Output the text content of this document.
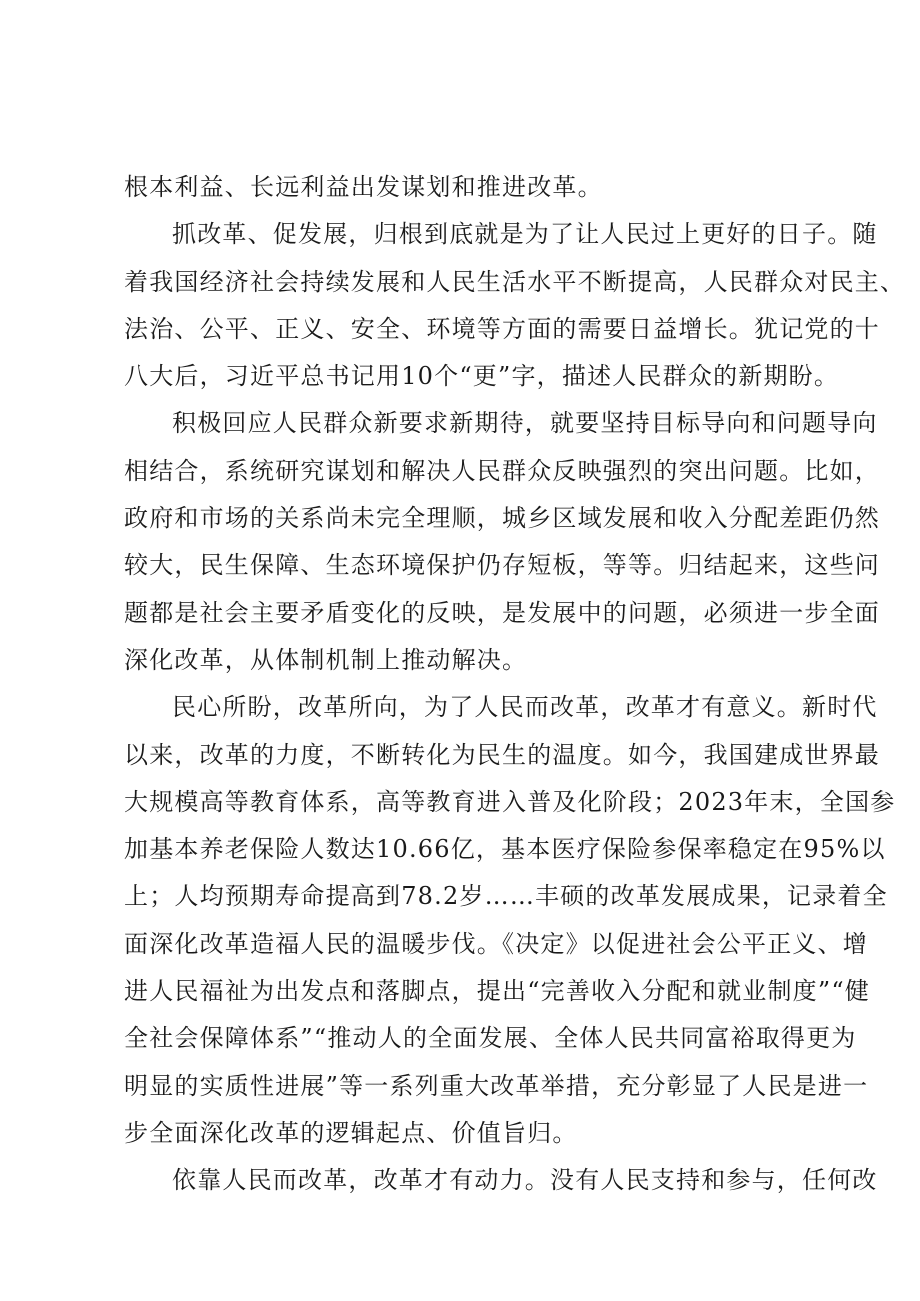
根本利益、长远利益出发谋划和推进改革。
抓改革、促发展，归根到底就是为了让人民过上更好的日子。随
着我国经济社会持续发展和人民生活水平不断提高，人民群众对民主、
法治、公平、正义、安全、环境等方面的需要日益增长。犹记党的十
八大后，习近平总书记用10个“更”字，描述人民群众的新期盼。
积极回应人民群众新要求新期待，就要坚持目标导向和问题导向
相结合，系统研究谋划和解决人民群众反映强烈的突出问题。比如，
政府和市场的关系尚未完全理顺，城乡区域发展和收入分配差距仍然
较大，民生保障、生态环境保护仍存短板，等等。归结起来，这些问
题都是社会主要矛盾变化的反映，是发展中的问题，必须进一步全面
深化改革，从体制机制上推动解决。
民心所盼，改革所向，为了人民而改革，改革才有意义。新时代
以来，改革的力度，不断转化为民生的温度。如今，我国建成世界最
大规模高等教育体系，高等教育进入普及化阶段；2023年末，全国参
加基本养老保险人数达10.66亿，基本医疗保险参保率稳定在95%以
上；人均预期寿命提高到78.2岁……丰硕的改革发展成果，记录着全
面深化改革造福人民的温暖步伐。《决定》以促进社会公平正义、增
进人民福祉为出发点和落脚点，提出“完善收入分配和就业制度”“健
全社会保障体系”“推动人的全面发展、全体人民共同富裕取得更为
明显的实质性进展”等一系列重大改革举措，充分彰显了人民是进一
步全面深化改革的逻辑起点、价值旨归。
依靠人民而改革，改革才有动力。没有人民支持和参与，任何改
